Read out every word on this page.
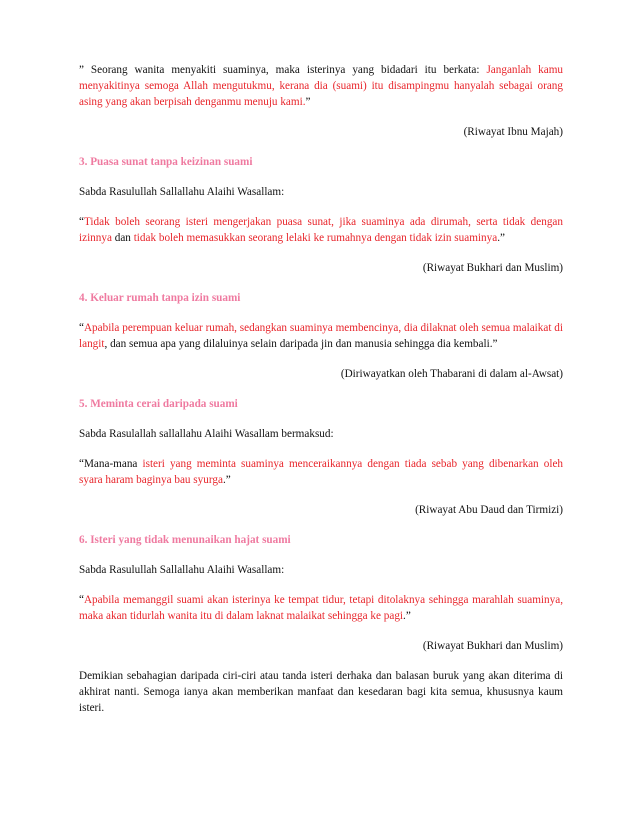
” Seorang wanita menyakiti suaminya, maka isterinya yang bidadari itu berkata: Janganlah kamu menyakitinya semoga Allah mengutukmu, kerana dia (suami) itu disampingmu hanyalah sebagai orang asing yang akan berpisah denganmu menuju kami.”

(Riwayat Ibnu Majah)

3. Puasa sunat tanpa keizinan suami

Sabda Rasulullah Sallallahu Alaihi Wasallam:

“Tidak boleh seorang isteri mengerjakan puasa sunat, jika suaminya ada dirumah, serta tidak dengan izinnya dan tidak boleh memasukkan seorang lelaki ke rumahnya dengan tidak izin suaminya.”

(Riwayat Bukhari dan Muslim)

4. Keluar rumah tanpa izin suami

“Apabila perempuan keluar rumah, sedangkan suaminya membencinya, dia dilaknat oleh semua malaikat di langit, dan semua apa yang dilaluinya selain daripada jin dan manusia sehingga dia kembali.”

(Diriwayatkan oleh Thabarani di dalam al-Awsat)

5. Meminta cerai daripada suami

Sabda Rasulallah sallallahu Alaihi Wasallam bermaksud:

“Mana-mana isteri yang meminta suaminya menceraikannya dengan tiada sebab yang dibenarkan oleh syara haram baginya bau syurga.”

(Riwayat Abu Daud dan Tirmizi)

6. Isteri yang tidak menunaikan hajat suami

Sabda Rasulullah Sallallahu Alaihi Wasallam:

“Apabila memanggil suami akan isterinya ke tempat tidur, tetapi ditolaknya sehingga marahlah suaminya, maka akan tidurlah wanita itu di dalam laknat malaikat sehingga ke pagi.”

(Riwayat Bukhari dan Muslim)

Demikian sebahagian daripada ciri-ciri atau tanda isteri derhaka dan balasan buruk yang akan diterima di akhirat nanti. Semoga ianya akan memberikan manfaat dan kesedaran bagi kita semua, khususnya kaum isteri.
